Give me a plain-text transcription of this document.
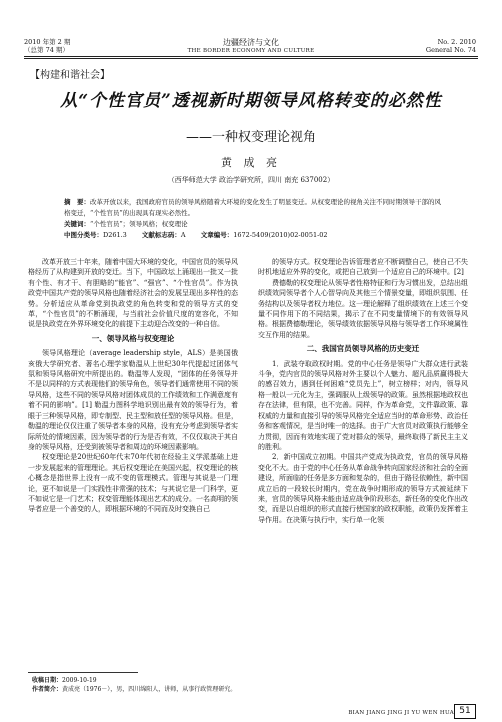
2010 年第 2 期
（总第 74 期）
边疆经济与文化
THE BORDER ECONOMY AND CULTURE
No. 2. 2010
General No. 74
【构建和谐社会】
从“个性官员”透视新时期领导风格转变的必然性
——一种权变理论视角
黄 成 亮
（西华师范大学 政治学研究所，四川 南充 637002）
摘　要：改革开放以来，我国政府官员的领导风格随着大环境的变化发生了明显变迁。从权变理论的视角关注不同时期领导干部的风格变迁，“个性官员”的出现具有现实必然性。
关键词：“个性官员”；领导风格；权变理论
中图分类号：D261.3    文献标志码：A    文章编号：1672-5409(2010)02-0051-02

改革开放三十年来，随着中国大环境的变化，中国官员的领导风格经历了从构建到开放的变迁。当下，中国政坛上涌现出一批又一批有个性、有才干、有胆略的“能官”、“强官”、“个性官员”。作为执政党中国共产党的领导风格也随着经济社会的发展呈现出多样性的态势。分析适应从革命党到执政党的角色转变和党的领导方式的变革，“个性官员”的不断涌现，与当前社会价值尺度的宽容化，不知说是执政党在外界环境变化的前提下主动迎合改变的一种自信。

一、领导风格与权变理论

领导风格理论（average leadership style，ALS）是美国俄亥俄大学研究者、著名心理学家勒温从上世纪30年代提起过团体气氛和领导风格研究中所提出的。勒温等人发现，“团体的任务领导并不是以同样的方式表现他们的领导角色，领导者们通常使用不同的领导风格，这些不同的领导风格对团体成员的工作绩效和工作满意度有着不同的影响”。[1] 勒温力图科学地识别出最有效的领导行为，着眼于三种领导风格，即专制型、民主型和放任型的领导风格。但是，勒温的理论仅仅注重了领导者本身的风格，没有充分考虑到领导者实际所处的情境因素，因为领导者的行为是否有效，不仅仅取决于其自身的领导风格，还受到被领导者和周边的环境因素影响。

权变理论是20世纪60年代末70年代初在经验主义学派基础上进一步发展起来的管理理论。其后权变理论在美国兴起，权变理论的核心概念是指世界上没有一成不变的管理模式。管理与其说是一门理论，更不如说是一门实践性非常强的技术；与其说它是一门科学，更不如说它是一门艺术；权变管理能体现出艺术的成分。一名高明的领导者应是一个善变的人，即根据环境的不同而及时变换自己

的领导方式。权变理论告诉管理者应不断调整自己，使自己不失时机地适应外界的变化，或把自己放到一个适应自己的环境中。[2]

费德勒的权变理论从领导者性格特征和行为习惯出发，总结出组织绩效同领导者个人心智导向及其他三个情景变量，即组织氛围、任务结构以及领导者权力地位。这一理论解释了组织绩效在上述三个变量不同作用下的不同结果，揭示了在不同变量情境下的有效领导风格。根据费德勒理论，领导绩效依据领导风格与领导者工作环境属性交互作用的结果。

二、我国官员领导风格的历史变迁

1．武装夺取政权时期。党的中心任务是领导广大群众进行武装斗争，党内官员的领导风格对外主要以个人魅力、超凡品质赢得极大的感召效力，遇到任何困难“党员先上”，树立榜样；对内，领导风格一般以一元化为主，强调服从上级领导的政策。虽然根据地政权也存在法律，但有限，也不完善。同样，作为革命党，文件靠政策、靠权威的力量和直接引导的领导风格完全适应当时的革命形势、政治任务和客观情况，是当时唯一的选择。由于广大官员对政策执行能够全力贯彻，因而有效地实现了党对群众的领导，最终取得了新民主主义的胜利。

2．新中国成立初期。中国共产党成为执政党，官员的领导风格变化不大。由于党的中心任务从革命战争转向国家经济和社会的全面建设，所面临的任务是多方面和复杂的，但由于路径依赖性，新中国成立后的一段较长时期内，党在战争时期形成的领导方式被延续下来，官员的领导风格未能由适应战争阶段形态，新任务的变化作出改变，而是以自组织的形式直接行使国家的政权职能，政策仍发挥着主导作用。在决策与执行中，实行单一化领

收稿日期：2009-10-19
作者简介：黄成亮（1976－），男，四川绵阳人，讲师，从事行政管理研究。
BIAN JIANG JING JI YU WEN HUA 51
